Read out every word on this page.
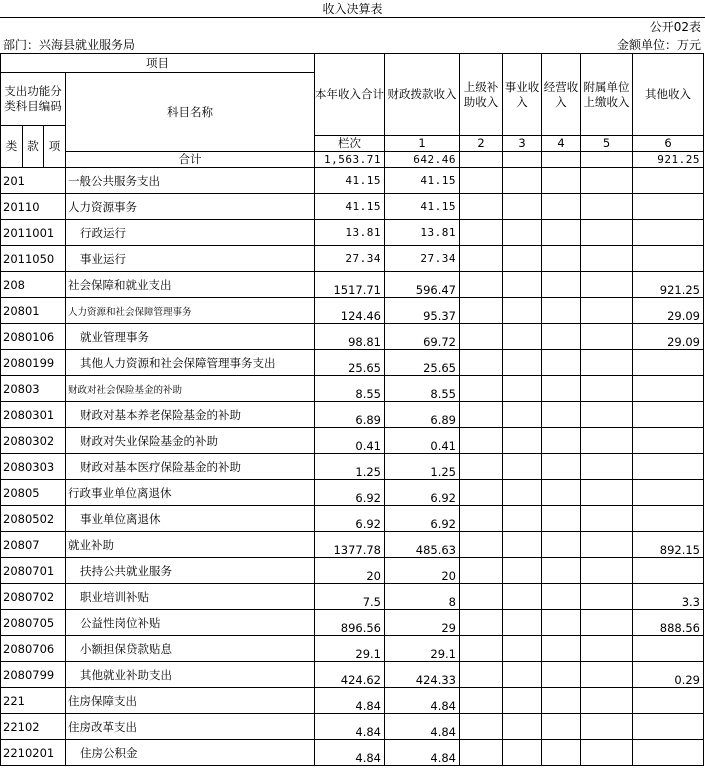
收入决算表
公开02表
部门：兴海县就业服务局	金额单位：万元
项目				本年收入合计	财政拨款收入	上级补助收入	事业收入	经营收入	附属单位上缴收入	其他收入	
支出功能分类科目编码			科目名称								

类	款	项									
				栏次	1	2	3	4	5	6	
			合计	1,563.71	642.46					921.25	
201			一般公共服务支出	41.15	41.15						
20110			人力资源事务	41.15	41.15						
2011001			行政运行	13.81	13.81						
2011050			事业运行	27.34	27.34						
208			社会保障和就业支出	1517.71	596.47					921.25	
20801			人力资源和社会保障管理事务	124.46	95.37					29.09	
2080106			就业管理事务	98.81	69.72					29.09	
2080199			其他人力资源和社会保障管理事务支出	25.65	25.65						
20803			财政对社会保险基金的补助	8.55	8.55						
2080301			财政对基本养老保险基金的补助	6.89	6.89						
2080302			财政对失业保险基金的补助	0.41	0.41						
2080303			财政对基本医疗保险基金的补助	1.25	1.25						
20805			行政事业单位离退休	6.92	6.92						
2080502			事业单位离退休	6.92	6.92						
20807			就业补助	1377.78	485.63					892.15	
2080701			扶持公共就业服务	20	20						
2080702			职业培训补贴	7.5	8					3.3	
2080705			公益性岗位补贴	896.56	29					888.56	
2080706			小额担保贷款贴息	29.1	29.1						
2080799			其他就业补助支出	424.62	424.33					0.29	
221			住房保障支出	4.84	4.84						
22102			住房改革支出	4.84	4.84						
2210201			住房公积金	4.84	4.84						
